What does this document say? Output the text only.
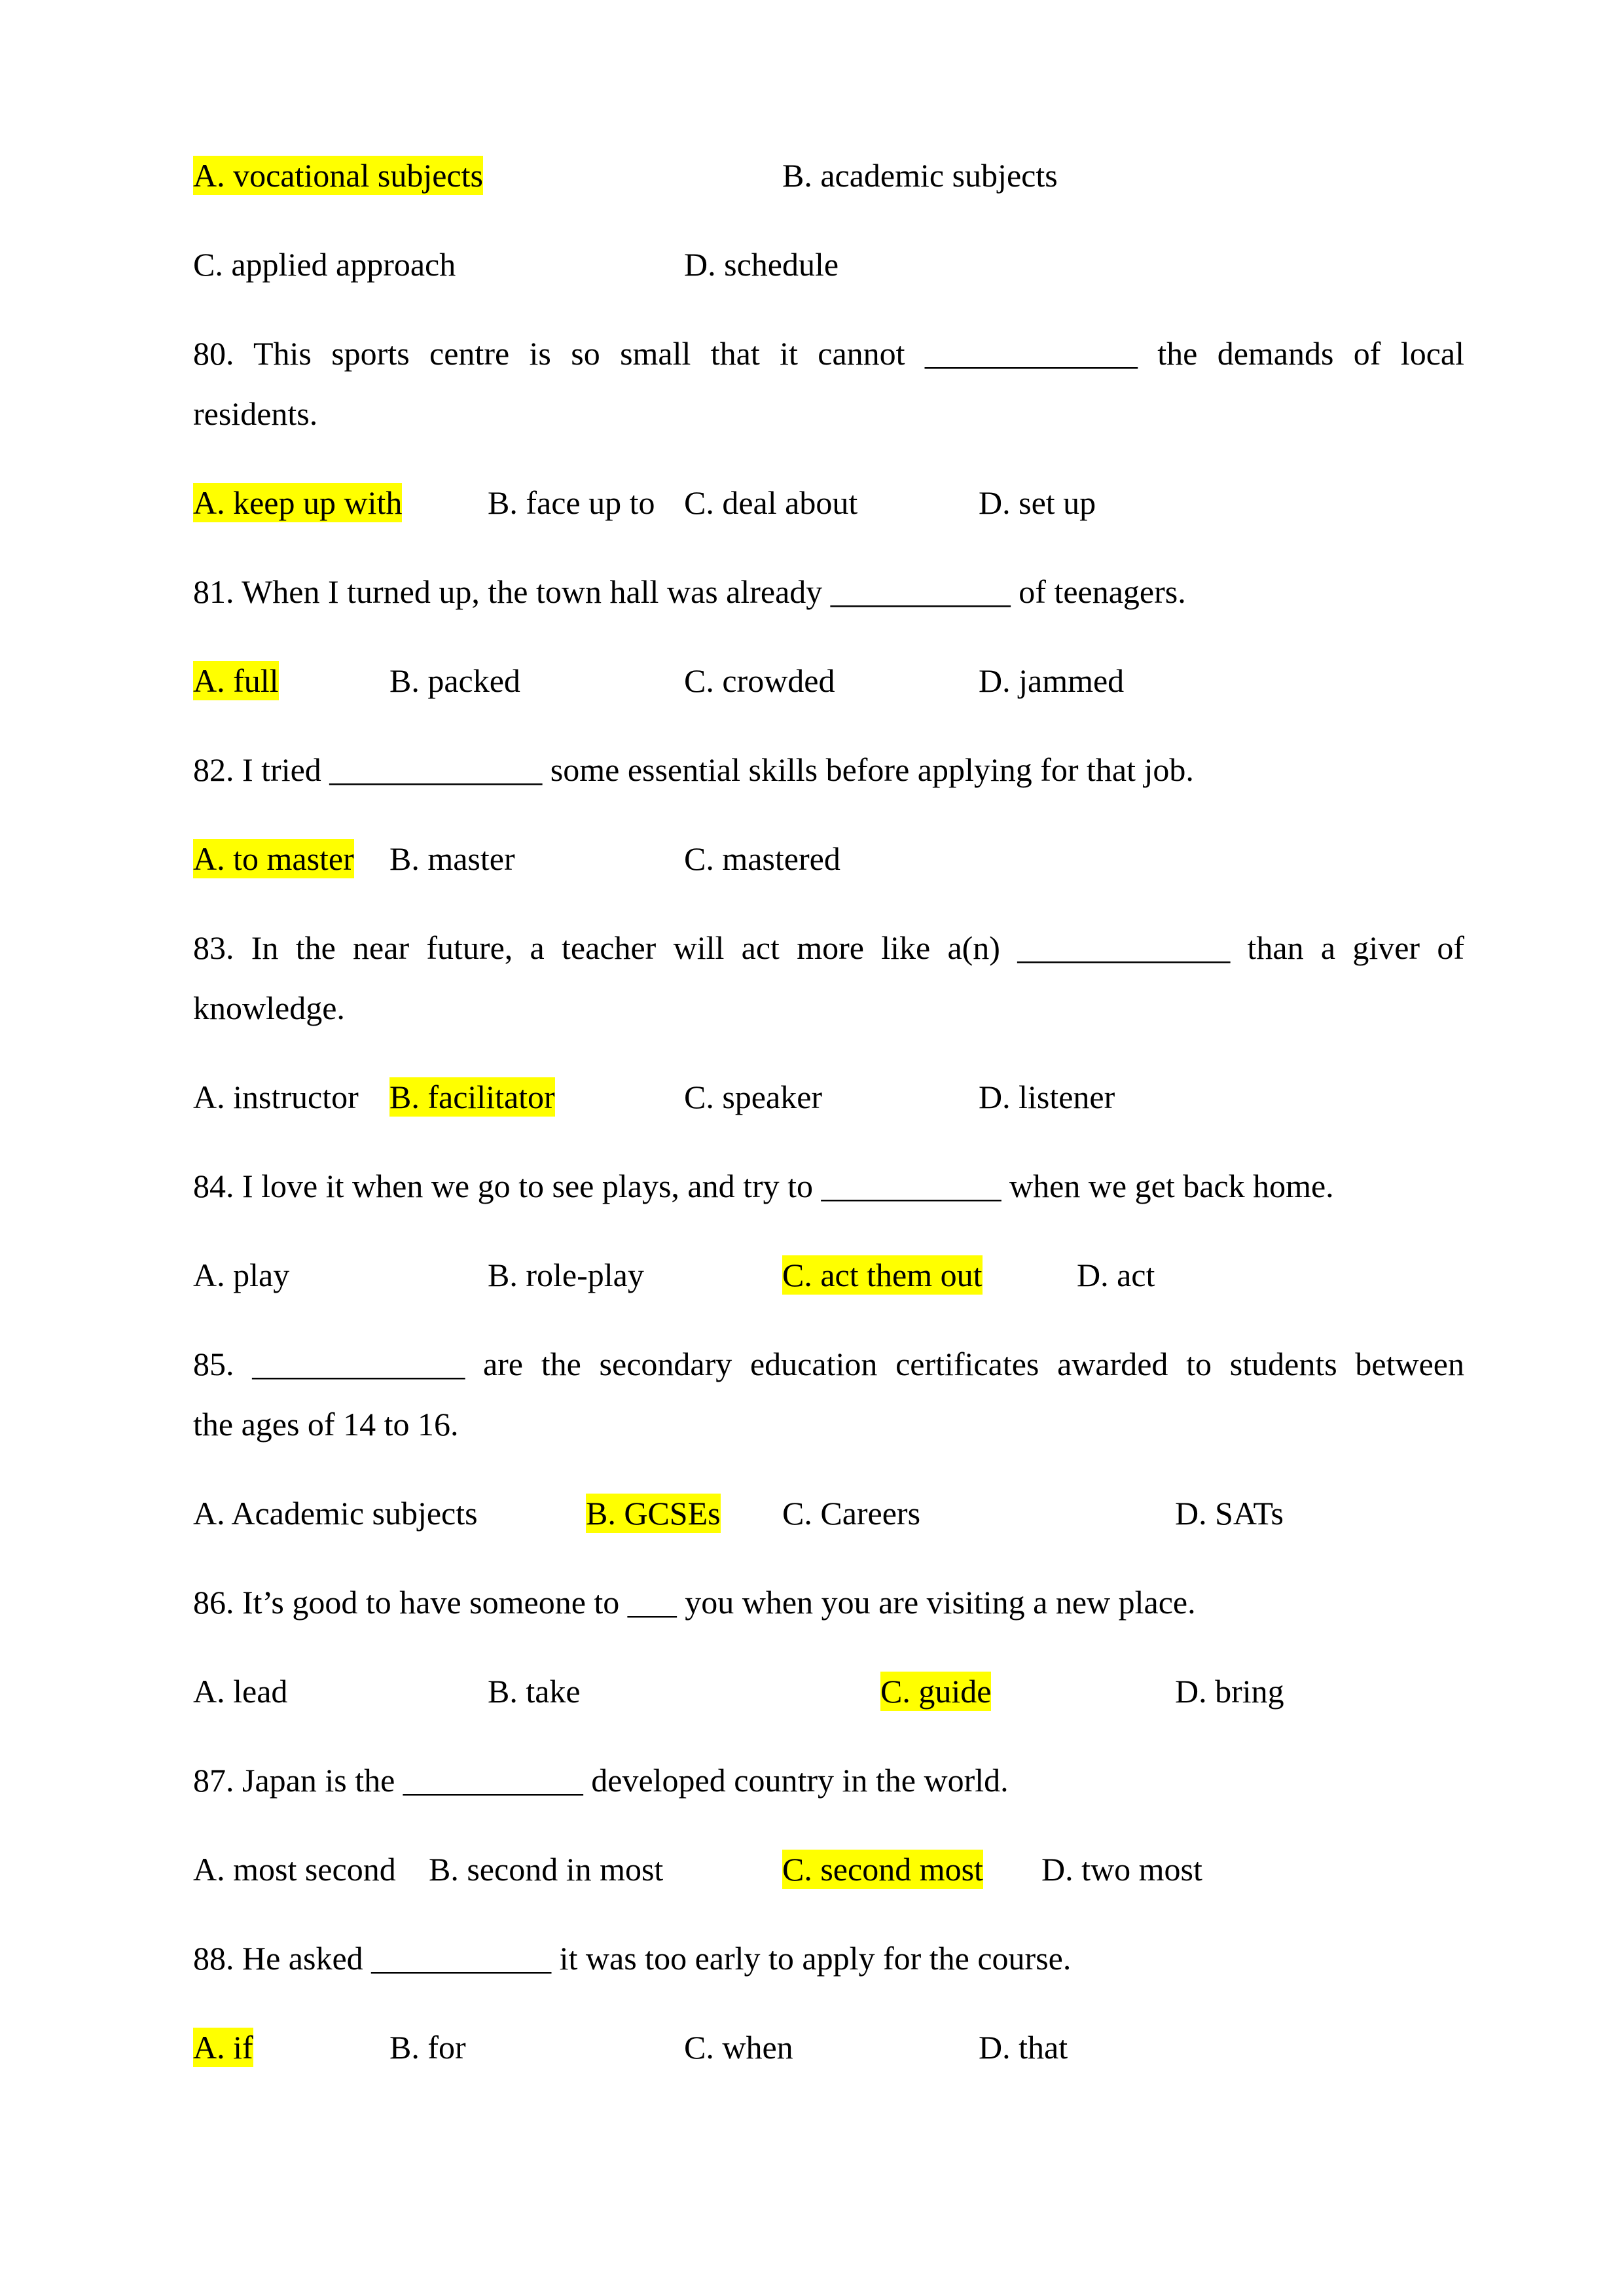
A. vocational subjects	B. academic subjects
C. applied approach	D. schedule
80. This sports centre is so small that it cannot _____________ the demands of local
residents.
A. keep up with	B. face up to C. deal about	D. set up
81. When I turned up, the town hall was already ___________ of teenagers.
A. full	B. packed	C. crowded	D. jammed
82. I tried _____________ some essential skills before applying for that job.
A. to master B. master	C. mastered
83. In the near future, a teacher will act more like a(n) _____________ than a giver of
knowledge.
A. instructor B. facilitator	C. speaker	D. listener
84. I love it when we go to see plays, and try to ___________ when we get back home.
A. play	B. role-play	C. act them out	D. act
85. _____________ are the secondary education certificates awarded to students between
the ages of 14 to 16.
A. Academic subjects	B. GCSEs C. Careers	D. SATs
86. It’s good to have someone to ___ you when you are visiting a new place.
A. lead	B. take	C. guide	D. bring
87. Japan is the ___________ developed country in the world.
A. most second B. second in most	C. second most D. two most
88. He asked ___________ it was too early to apply for the course.
A. if	B. for	C. when	D. that
